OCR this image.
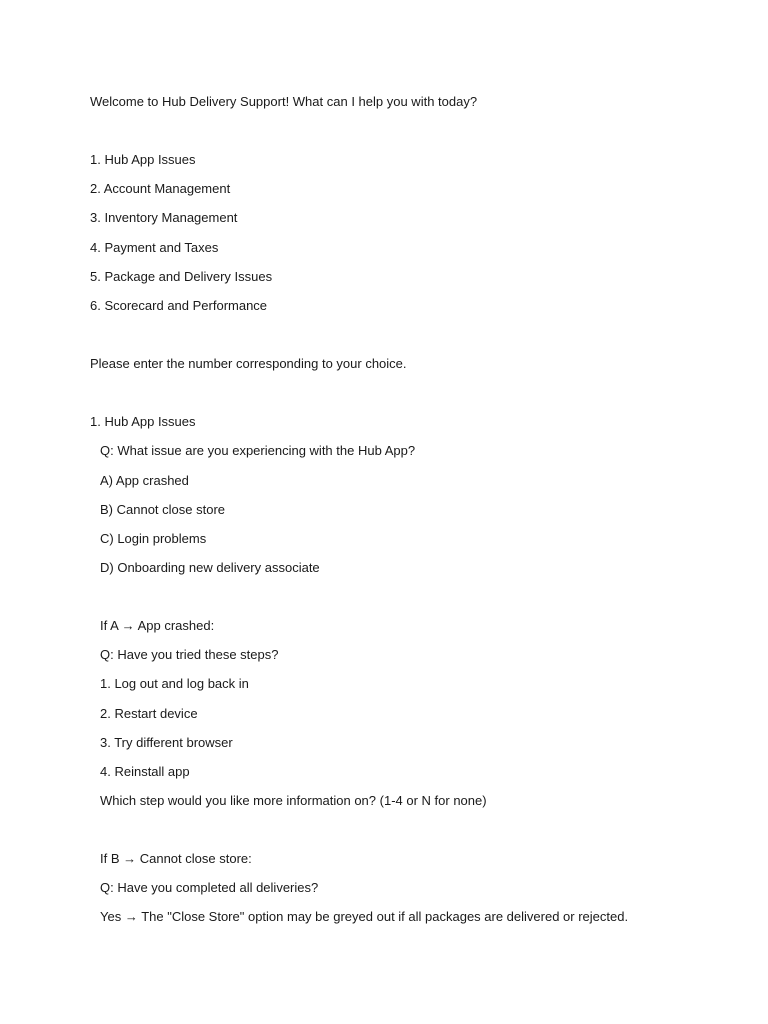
Welcome to Hub Delivery Support! What can I help you with today?
1. Hub App Issues
2. Account Management
3. Inventory Management
4. Payment and Taxes
5. Package and Delivery Issues
6. Scorecard and Performance
Please enter the number corresponding to your choice.
1. Hub App Issues
Q: What issue are you experiencing with the Hub App?
A) App crashed
B) Cannot close store
C) Login problems
D) Onboarding new delivery associate
If A → App crashed:
Q: Have you tried these steps?
1. Log out and log back in
2. Restart device
3. Try different browser
4. Reinstall app
Which step would you like more information on? (1-4 or N for none)
If B → Cannot close store:
Q: Have you completed all deliveries?
Yes → The "Close Store" option may be greyed out if all packages are delivered or rejected.
